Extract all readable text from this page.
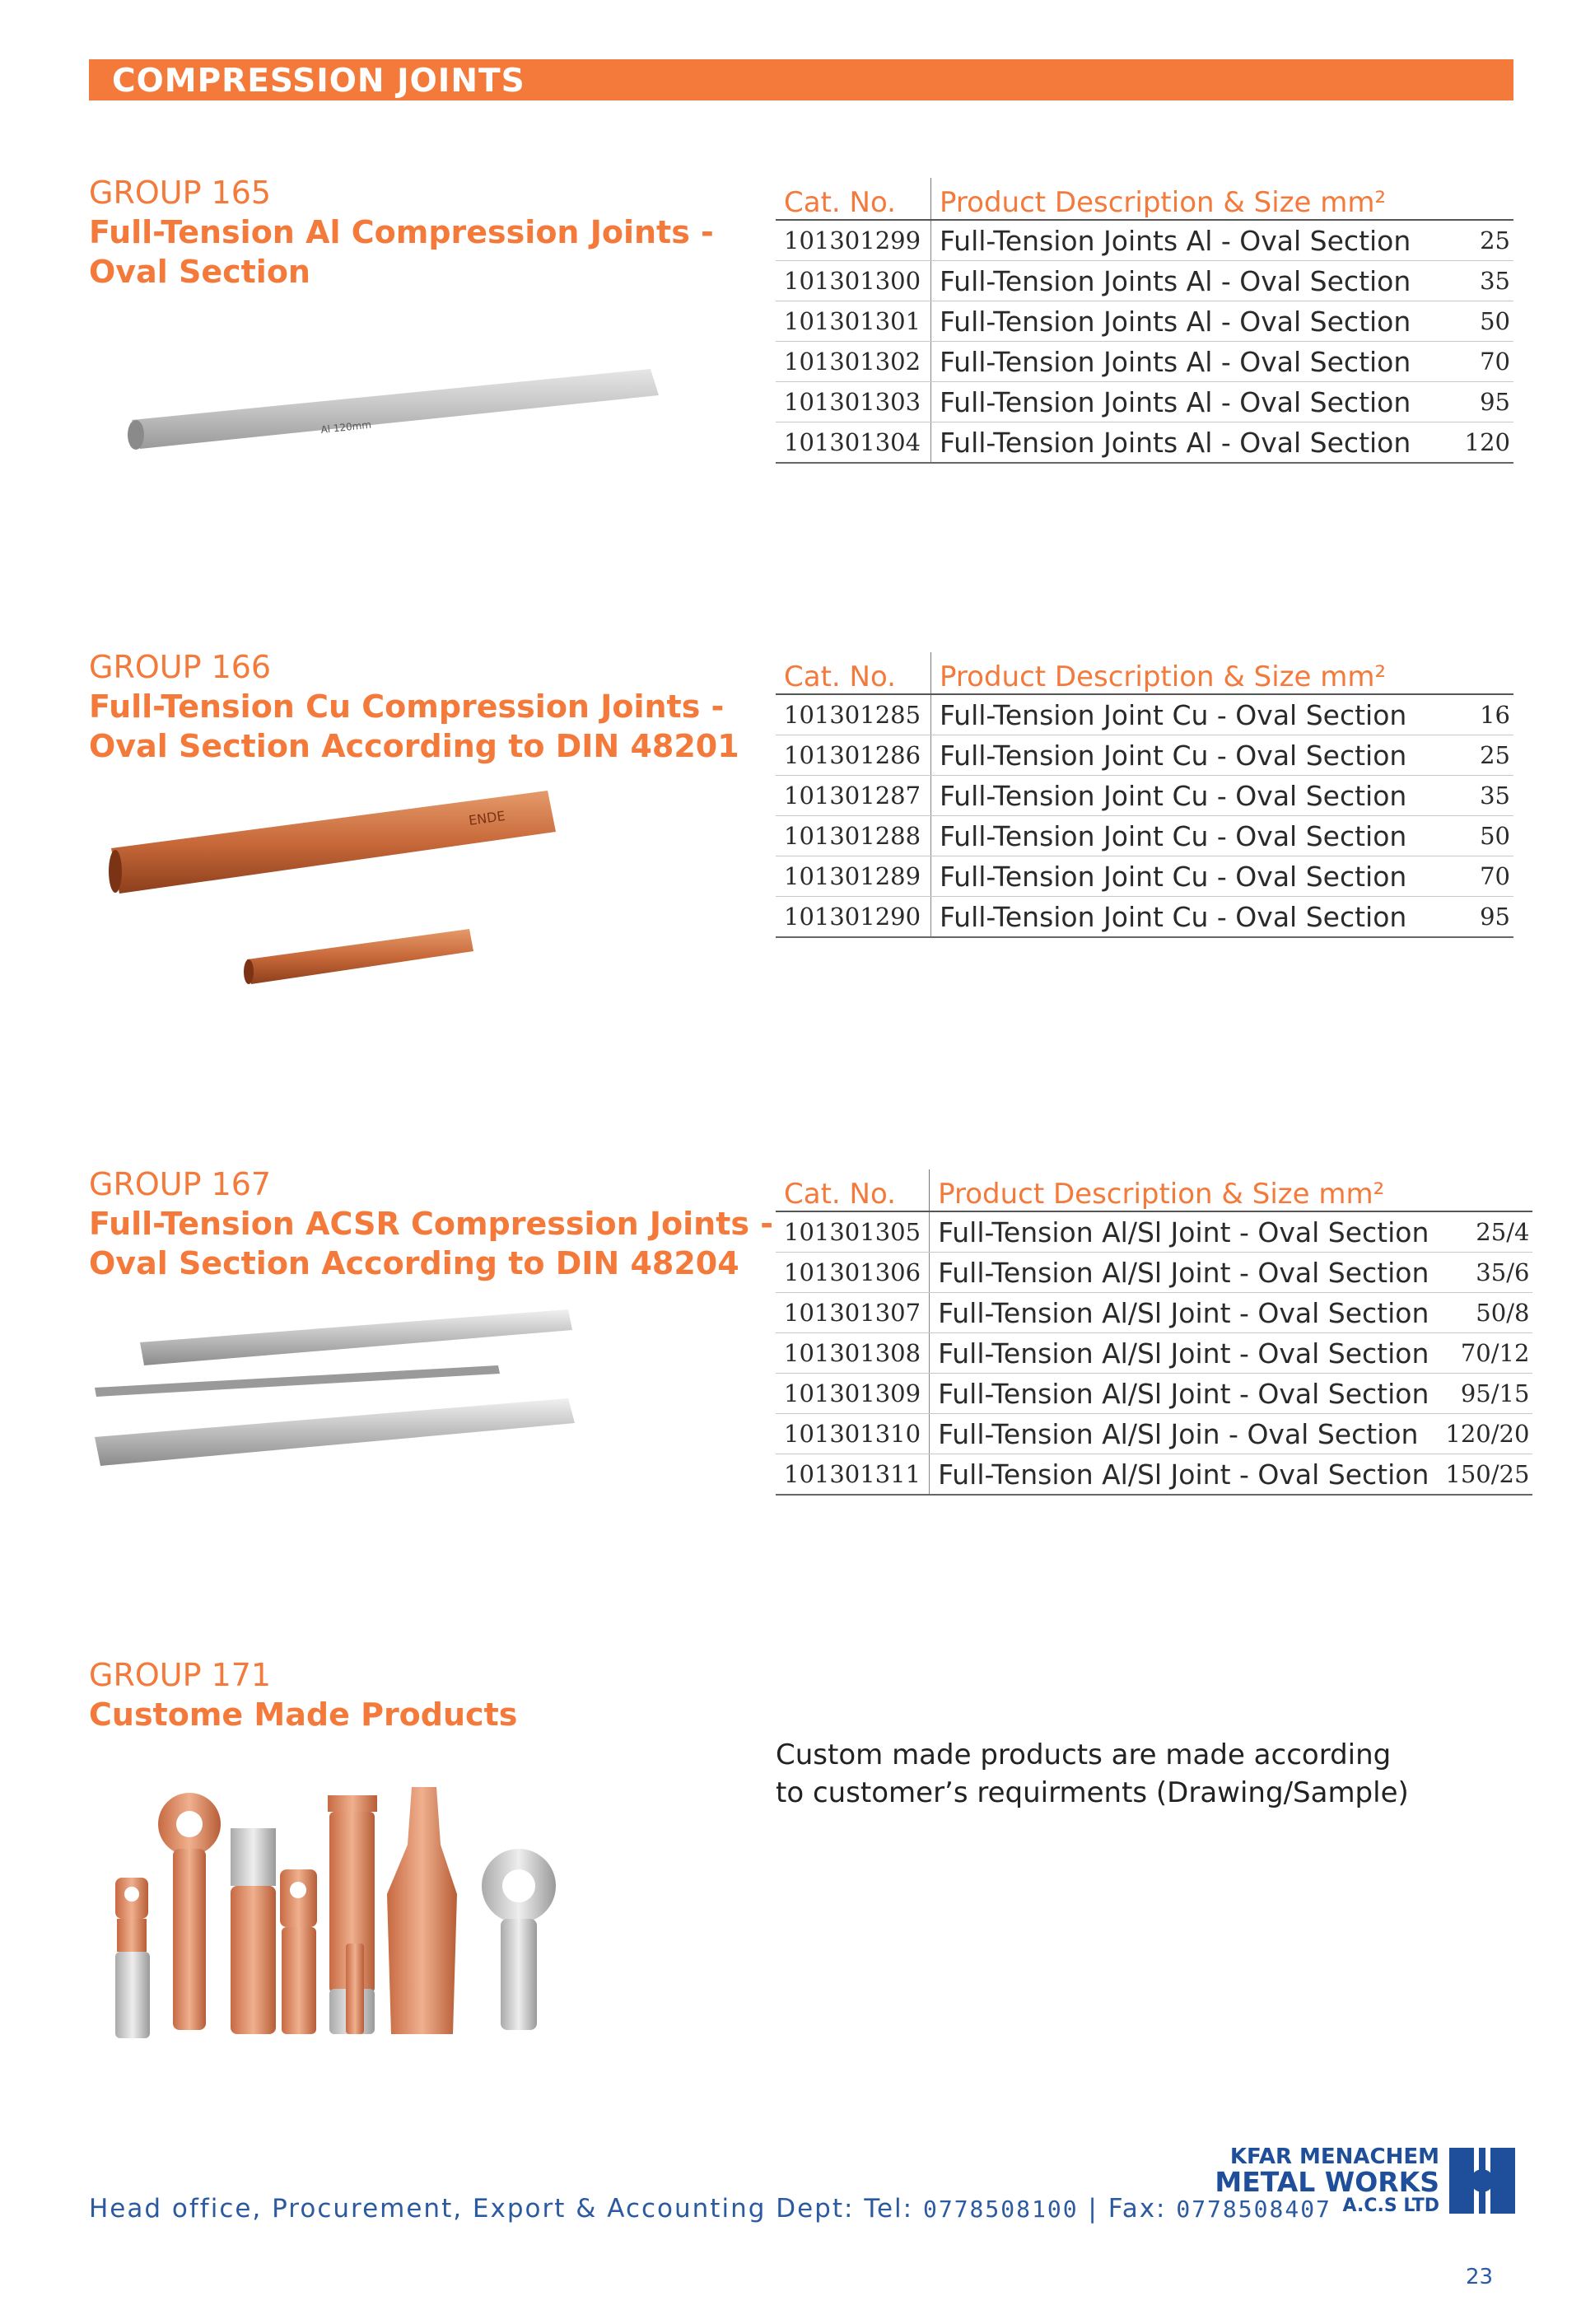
COMPRESSION JOINTS
GROUP 165
Full-Tension Al Compression Joints -
Oval Section
Al 120mm
Cat. No.	Product Description & Size mm²	
101301299	Full-Tension Joints Al - Oval Section	25
101301300	Full-Tension Joints Al - Oval Section	35
101301301	Full-Tension Joints Al - Oval Section	50
101301302	Full-Tension Joints Al - Oval Section	70
101301303	Full-Tension Joints Al - Oval Section	95
101301304	Full-Tension Joints Al - Oval Section	120
GROUP 166
Full-Tension Cu Compression Joints -
Oval Section According to DIN 48201
ENDE
Cat. No.	Product Description & Size mm²	
101301285	Full-Tension Joint Cu - Oval Section	16
101301286	Full-Tension Joint Cu - Oval Section	25
101301287	Full-Tension Joint Cu - Oval Section	35
101301288	Full-Tension Joint Cu - Oval Section	50
101301289	Full-Tension Joint Cu - Oval Section	70
101301290	Full-Tension Joint Cu - Oval Section	95
GROUP 167
Full-Tension ACSR Compression Joints -
Oval Section According to DIN 48204
Cat. No.	Product Description & Size mm²	
101301305	Full-Tension Al/Sl Joint - Oval Section	25/4
101301306	Full-Tension Al/Sl Joint - Oval Section	35/6
101301307	Full-Tension Al/Sl Joint - Oval Section	50/8
101301308	Full-Tension Al/Sl Joint - Oval Section	70/12
101301309	Full-Tension Al/Sl Joint - Oval Section	95/15
101301310	Full-Tension Al/Sl Join - Oval Section	120/20
101301311	Full-Tension Al/Sl Joint - Oval Section	150/25
GROUP 171
Custome Made Products
Custom made products are made according
to customer’s requirments (Drawing/Sample)
Head office, Procurement, Export & Accounting Dept: Tel: 0778508100 | Fax: 0778508407
KFAR MENACHEM
METAL WORKS
A.C.S LTD
23
